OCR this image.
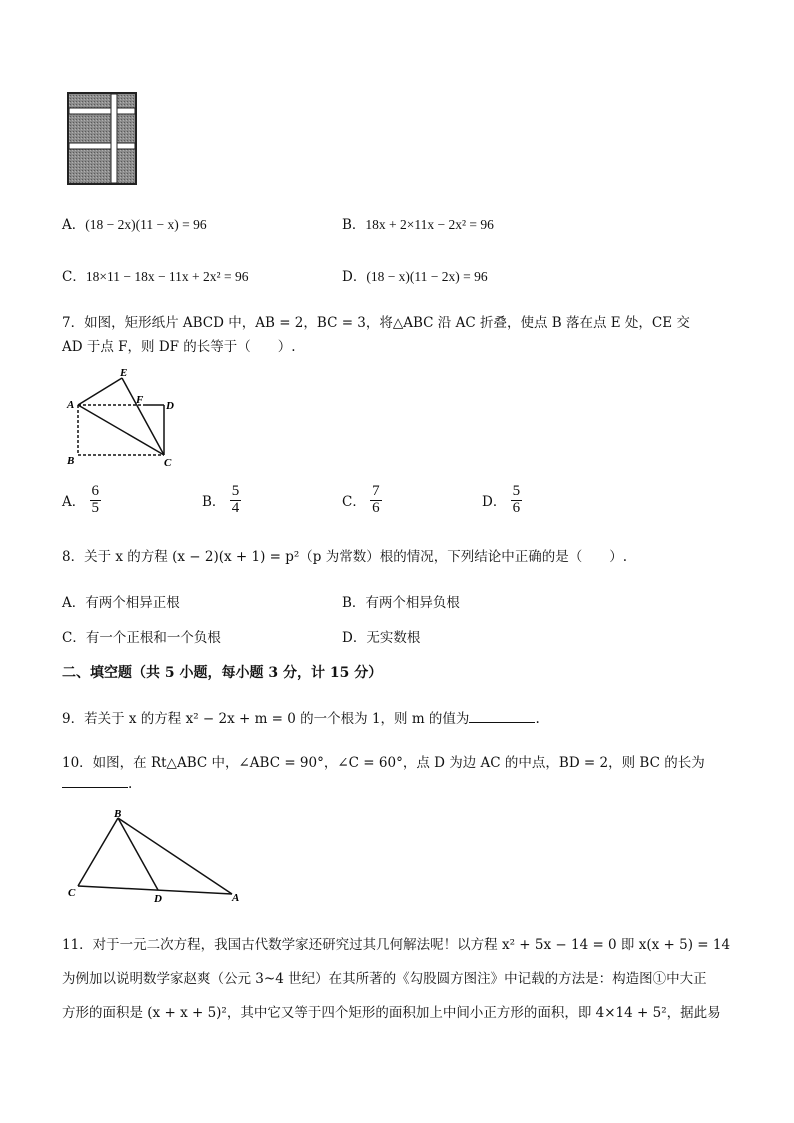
A．(18 − 2x)(11 − x) = 96	B．18x + 2×11x − 2x² = 96
C．18×11 − 18x − 11x + 2x² = 96	D．(18 − x)(11 − 2x) = 96
7．如图，矩形纸片 ABCD 中，AB = 2，BC = 3，将△ABC 沿 AC 折叠，使点 B 落在点 E 处，CE 交
AD 于点 F，则 DF 的长等于（　　）.
A
B	C
D
E
F
A． $\frac{6}{5}$	B． $\frac{5}{4}$	C． $\frac{7}{6}$	D． $\frac{5}{6}$
8．关于 x 的方程 (x − 2)(x + 1) = p²（p 为常数）根的情况，下列结论中正确的是（　　）.
A．有两个相异正根	B．有两个相异负根
C．有一个正根和一个负根	D．无实数根
二、填空题（共 5 小题，每小题 3 分，计 15 分）
9．若关于 x 的方程 x² − 2x + m = 0 的一个根为 1，则 m 的值为	.
10．如图，在 Rt△ABC 中，∠ABC = 90°，∠C = 60°，点 D 为边 AC 的中点，BD = 2，则 BC 的长为
.
B
C	D	A
11．对于一元二次方程，我国古代数学家还研究过其几何解法呢！以方程 x² + 5x − 14 = 0 即 x(x + 5) = 14
为例加以说明数学家赵爽（公元 3~4 世纪）在其所著的《勾股圆方图注》中记载的方法是：构造图①中大正
方形的面积是 (x + x + 5)²，其中它又等于四个矩形的面积加上中间小正方形的面积，即 4×14 + 5²，据此易
